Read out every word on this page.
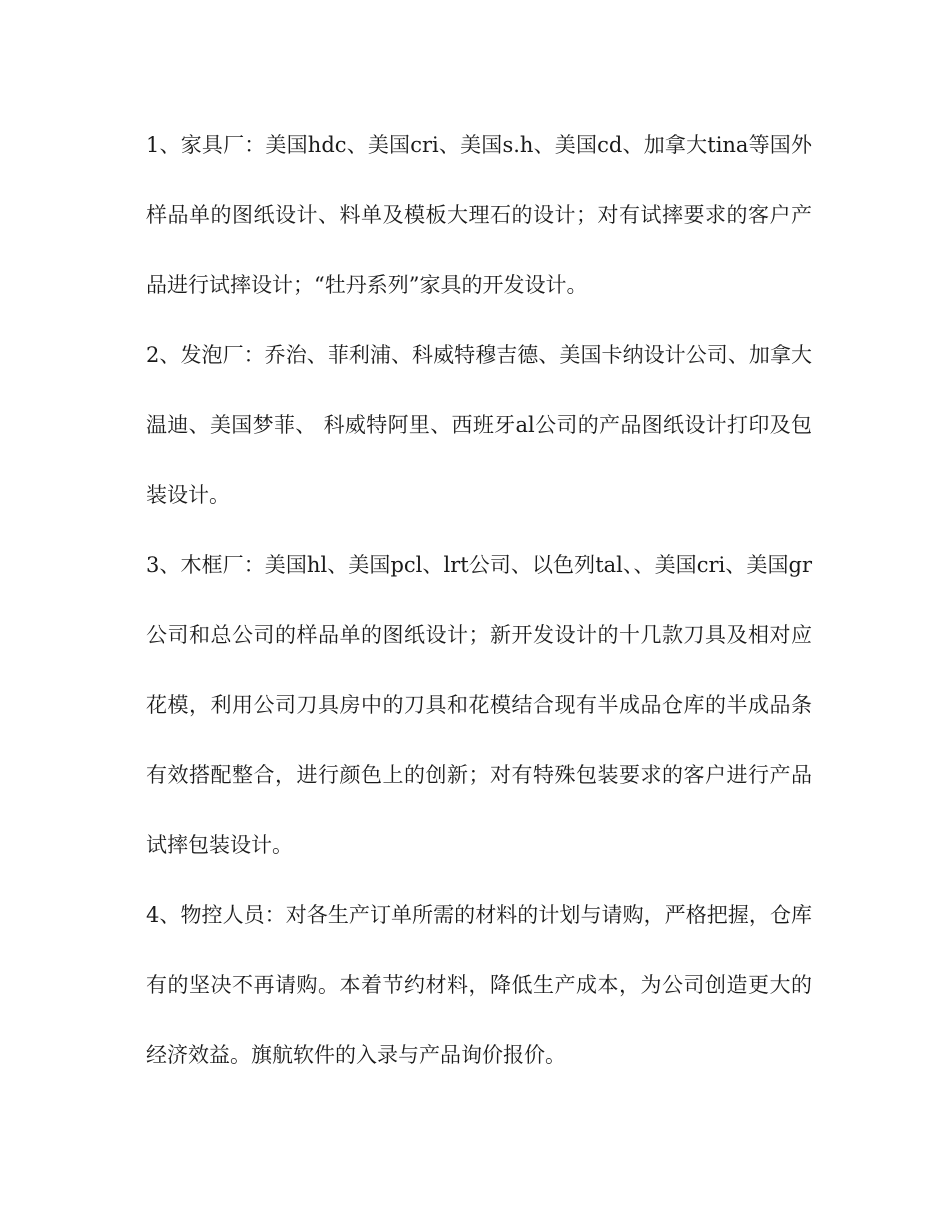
1、家具厂：美国hdc、美国cri、美国s.h、美国cd、加拿大tina等国外样品单的图纸设计、料单及模板大理石的设计；对有试摔要求的客户产品进行试摔设计；“牡丹系列”家具的开发设计。

2、发泡厂：乔治、菲利浦、科威特穆吉德、美国卡纳设计公司、加拿大温迪、美国梦菲、 科威特阿里、西班牙al公司的产品图纸设计打印及包装设计。

3、木框厂：美国hl、美国pcl、lrt公司、以色列tal、、美国cri、美国gr公司和总公司的样品单的图纸设计；新开发设计的十几款刀具及相对应花模，利用公司刀具房中的刀具和花模结合现有半成品仓库的半成品条有效搭配整合，进行颜色上的创新；对有特殊包装要求的客户进行产品试摔包装设计。

4、物控人员：对各生产订单所需的材料的计划与请购，严格把握，仓库有的坚决不再请购。本着节约材料，降低生产成本，为公司创造更大的经济效益。旗航软件的入录与产品询价报价。
